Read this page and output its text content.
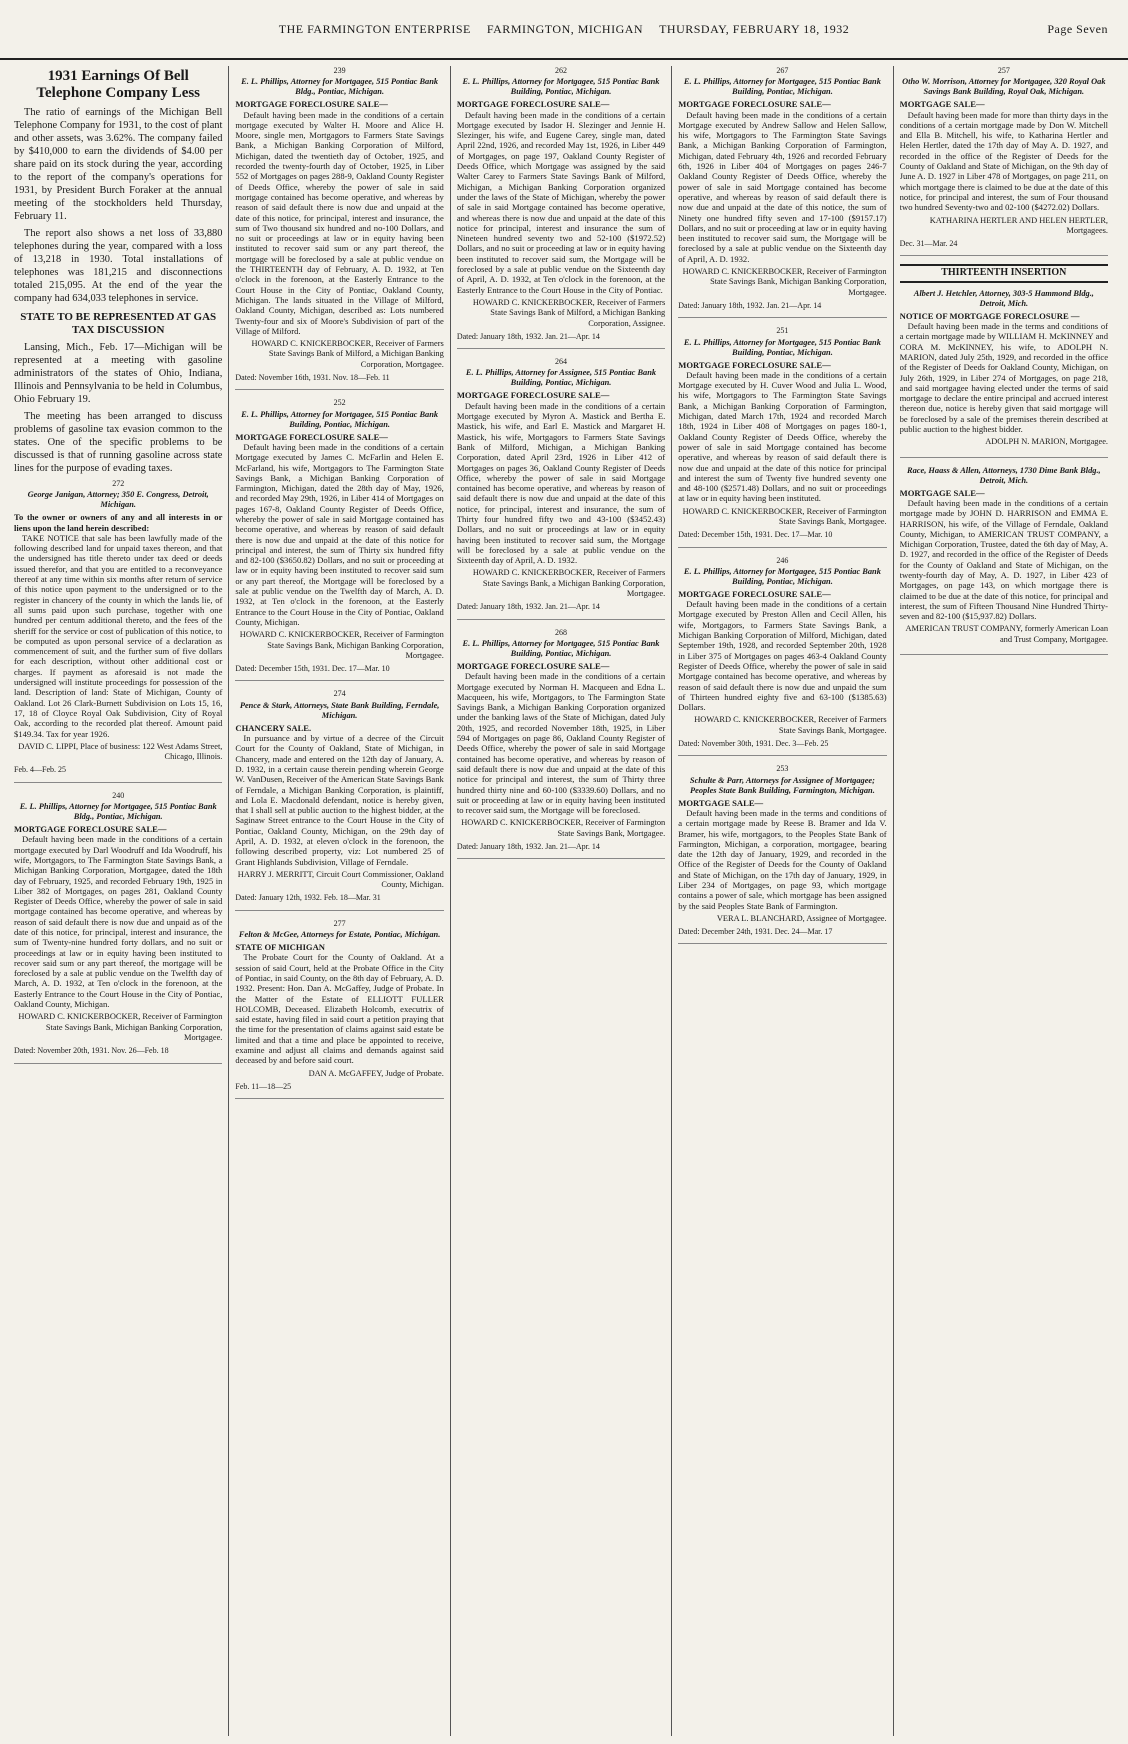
THE FARMINGTON ENTERPRISE FARMINGTON, MICHIGAN THURSDAY, FEBRUARY 18, 1932	Page Seven
1931 Earnings Of Bell Telephone Company Less

The ratio of earnings of the Michigan Bell Telephone Company for 1931, to the cost of plant and other assets, was 3.62%. The company failed by $410,000 to earn the dividends of $4.00 per share paid on its stock during the year, according to the report of the company's operations for 1931, by President Burch Foraker at the annual meeting of the stockholders held Thursday, February 11.

The report also shows a net loss of 33,880 telephones during the year, compared with a loss of 13,218 in 1930. Total installations of telephones was 181,215 and disconnections totaled 215,095. At the end of the year the company had 634,033 telephones in service.

STATE TO BE REPRESENTED AT GAS TAX DISCUSSION

Lansing, Mich., Feb. 17—Michigan will be represented at a meeting with gasoline administrators of the states of Ohio, Indiana, Illinois and Pennsylvania to be held in Columbus, Ohio February 19.

The meeting has been arranged to discuss problems of gasoline tax evasion common to the states. One of the specific problems to be discussed is that of running gasoline across state lines for the purpose of evading taxes.

272
George Janigan, Attorney; 350 E. Congress, Detroit, Michigan.
To the owner or owners of any and all interests in or liens upon the land herein described:
TAKE NOTICE that sale has been lawfully made of the following described land for unpaid taxes thereon, and that the undersigned has title thereto under tax deed or deeds issued therefor, and that you are entitled to a reconveyance thereof at any time within six months after return of service of this notice upon payment to the undersigned or to the register in chancery of the county in which the lands lie, of all sums paid upon such purchase, together with one hundred per centum additional thereto, and the fees of the sheriff for the service or cost of publication of this notice, to be computed as upon personal service of a declaration as commencement of suit, and the further sum of five dollars for each description, without other additional cost or charges. If payment as aforesaid is not made the undersigned will institute proceedings for possession of the land. Description of land: State of Michigan, County of Oakland. Lot 26 Clark-Burnett Subdivision on Lots 15, 16, 17, 18 of Cloyce Royal Oak Subdivision, City of Royal Oak, according to the recorded plat thereof. Amount paid $149.34. Tax for year 1926.
DAVID C. LIPPI, Place of business: 122 West Adams Street, Chicago, Illinois.
Feb. 4—Feb. 25
240
E. L. Phillips, Attorney for Mortgagee, 515 Pontiac Bank Bldg., Pontiac, Michigan.
MORTGAGE FORECLOSURE SALE—
Default having been made in the conditions of a certain mortgage executed by Darl Woodruff and Ida Woodruff, his wife, Mortgagors, to The Farmington State Savings Bank, a Michigan Banking Corporation, Mortgagee, dated the 18th day of February, 1925, and recorded February 19th, 1925 in Liber 382 of Mortgages, on pages 281, Oakland County Register of Deeds Office, whereby the power of sale in said mortgage contained has become operative, and whereas by reason of said default there is now due and unpaid as of the date of this notice, for principal, interest and insurance, the sum of Twenty-nine hundred forty dollars, and no suit or proceedings at law or in equity having been instituted to recover said sum or any part thereof, the mortgage will be foreclosed by a sale at public vendue on the Twelfth day of March, A. D. 1932, at Ten o'clock in the forenoon, at the Easterly Entrance to the Court House in the City of Pontiac, Oakland County, Michigan.
HOWARD C. KNICKERBOCKER, Receiver of Farmington State Savings Bank, Michigan Banking Corporation, Mortgagee.
Dated: November 20th, 1931. Nov. 26—Feb. 18
239
E. L. Phillips, Attorney for Mortgagee, 515 Pontiac Bank Bldg., Pontiac, Michigan.
MORTGAGE FORECLOSURE SALE—
Default having been made in the conditions of a certain mortgage executed by Walter H. Moore and Alice H. Moore, single men, Mortgagors to Farmers State Savings Bank, a Michigan Banking Corporation of Milford, Michigan, dated the twentieth day of October, 1925, and recorded the twenty-fourth day of October, 1925, in Liber 552 of Mortgages on pages 288-9, Oakland County Register of Deeds Office, whereby the power of sale in said mortgage contained has become operative, and whereas by reason of said default there is now due and unpaid at the date of this notice, for principal, interest and insurance, the sum of Two thousand six hundred and no-100 Dollars, and no suit or proceedings at law or in equity having been instituted to recover said sum or any part thereof, the mortgage will be foreclosed by a sale at public vendue on the THIRTEENTH day of February, A. D. 1932, at Ten o'clock in the forenoon, at the Easterly Entrance to the Court House in the City of Pontiac, Oakland County, Michigan. The lands situated in the Village of Milford, Oakland County, Michigan, described as: Lots numbered Twenty-four and six of Moore's Subdivision of part of the Village of Milford.
HOWARD C. KNICKERBOCKER, Receiver of Farmers State Savings Bank of Milford, a Michigan Banking Corporation, Mortgagee.
Dated: November 16th, 1931. Nov. 18—Feb. 11
252
E. L. Phillips, Attorney for Mortgagee, 515 Pontiac Bank Building, Pontiac, Michigan.
MORTGAGE FORECLOSURE SALE—
Default having been made in the conditions of a certain Mortgage executed by James C. McFarlin and Helen E. McFarland, his wife, Mortgagors to The Farmington State Savings Bank, a Michigan Banking Corporation of Farmington, Michigan, dated the 28th day of May, 1926, and recorded May 29th, 1926, in Liber 414 of Mortgages on pages 167-8, Oakland County Register of Deeds Office, whereby the power of sale in said Mortgage contained has become operative, and whereas by reason of said default there is now due and unpaid at the date of this notice for principal and interest, the sum of Thirty six hundred fifty and 82-100 ($3650.82) Dollars, and no suit or proceeding at law or in equity having been instituted to recover said sum or any part thereof, the Mortgage will be foreclosed by a sale at public vendue on the Twelfth day of March, A. D. 1932, at Ten o'clock in the forenoon, at the Easterly Entrance to the Court House in the City of Pontiac, Oakland County, Michigan.
HOWARD C. KNICKERBOCKER, Receiver of Farmington State Savings Bank, Michigan Banking Corporation, Mortgagee.
Dated: December 15th, 1931. Dec. 17—Mar. 10
274
Pence & Stark, Attorneys, State Bank Building, Ferndale, Michigan.
CHANCERY SALE.
In pursuance and by virtue of a decree of the Circuit Court for the County of Oakland, State of Michigan, in Chancery, made and entered on the 12th day of January, A. D. 1932, in a certain cause therein pending wherein George W. VanDusen, Receiver of the American State Savings Bank of Ferndale, a Michigan Banking Corporation, is plaintiff, and Lola E. Macdonald defendant, notice is hereby given, that I shall sell at public auction to the highest bidder, at the Saginaw Street entrance to the Court House in the City of Pontiac, Oakland County, Michigan, on the 29th day of April, A. D. 1932, at eleven o'clock in the forenoon, the following described property, viz: Lot numbered 25 of Grant Highlands Subdivision, Village of Ferndale.
HARRY J. MERRITT, Circuit Court Commissioner, Oakland County, Michigan.
Dated: January 12th, 1932. Feb. 18—Mar. 31
277
Felton & McGee, Attorneys for Estate, Pontiac, Michigan.
STATE OF MICHIGAN
The Probate Court for the County of Oakland. At a session of said Court, held at the Probate Office in the City of Pontiac, in said County, on the 8th day of February, A. D. 1932. Present: Hon. Dan A. McGaffey, Judge of Probate. In the Matter of the Estate of ELLIOTT FULLER HOLCOMB, Deceased. Elizabeth Holcomb, executrix of said estate, having filed in said court a petition praying that the time for the presentation of claims against said estate be limited and that a time and place be appointed to receive, examine and adjust all claims and demands against said deceased by and before said court.
DAN A. McGAFFEY, Judge of Probate.
Feb. 11—18—25
262
E. L. Phillips, Attorney for Mortgagee, 515 Pontiac Bank Building, Pontiac, Michigan.
MORTGAGE FORECLOSURE SALE—
Default having been made in the conditions of a certain Mortgage executed by Isador H. Slezinger and Jennie H. Slezinger, his wife, and Eugene Carey, single man, dated April 22nd, 1926, and recorded May 1st, 1926, in Liber 449 of Mortgages, on page 197, Oakland County Register of Deeds Office, which Mortgage was assigned by the said Walter Carey to Farmers State Savings Bank of Milford, Michigan, a Michigan Banking Corporation organized under the laws of the State of Michigan, whereby the power of sale in said Mortgage contained has become operative, and whereas there is now due and unpaid at the date of this notice for principal, interest and insurance the sum of Nineteen hundred seventy two and 52-100 ($1972.52) Dollars, and no suit or proceeding at law or in equity having been instituted to recover said sum, the Mortgage will be foreclosed by a sale at public vendue on the Sixteenth day of April, A. D. 1932, at Ten o'clock in the forenoon, at the Easterly Entrance to the Court House in the City of Pontiac.
HOWARD C. KNICKERBOCKER, Receiver of Farmers State Savings Bank of Milford, a Michigan Banking Corporation, Assignee.
Dated: January 18th, 1932. Jan. 21—Apr. 14
264
E. L. Phillips, Attorney for Assignee, 515 Pontiac Bank Building, Pontiac, Michigan.
MORTGAGE FORECLOSURE SALE—
Default having been made in the conditions of a certain Mortgage executed by Myron A. Mastick and Bertha E. Mastick, his wife, and Earl E. Mastick and Margaret H. Mastick, his wife, Mortgagors to Farmers State Savings Bank of Milford, Michigan, a Michigan Banking Corporation, dated April 23rd, 1926 in Liber 412 of Mortgages on pages 36, Oakland County Register of Deeds Office, whereby the power of sale in said Mortgage contained has become operative, and whereas by reason of said default there is now due and unpaid at the date of this notice, for principal, interest and insurance, the sum of Thirty four hundred fifty two and 43-100 ($3452.43) Dollars, and no suit or proceedings at law or in equity having been instituted to recover said sum, the Mortgage will be foreclosed by a sale at public vendue on the Sixteenth day of April, A. D. 1932.
HOWARD C. KNICKERBOCKER, Receiver of Farmers State Savings Bank, a Michigan Banking Corporation, Mortgagee.
Dated: January 18th, 1932. Jan. 21—Apr. 14
268
E. L. Phillips, Attorney for Mortgagee, 515 Pontiac Bank Building, Pontiac, Michigan.
MORTGAGE FORECLOSURE SALE—
Default having been made in the conditions of a certain Mortgage executed by Norman H. Macqueen and Edna L. Macqueen, his wife, Mortgagors, to The Farmington State Savings Bank, a Michigan Banking Corporation organized under the banking laws of the State of Michigan, dated July 20th, 1925, and recorded November 18th, 1925, in Liber 594 of Mortgages on page 86, Oakland County Register of Deeds Office, whereby the power of sale in said Mortgage contained has become operative, and whereas by reason of said default there is now due and unpaid at the date of this notice for principal and interest, the sum of Thirty three hundred thirty nine and 60-100 ($3339.60) Dollars, and no suit or proceeding at law or in equity having been instituted to recover said sum, the Mortgage will be foreclosed.
HOWARD C. KNICKERBOCKER, Receiver of Farmington State Savings Bank, Mortgagee.
Dated: January 18th, 1932. Jan. 21—Apr. 14
267
E. L. Phillips, Attorney for Mortgagee, 515 Pontiac Bank Building, Pontiac, Michigan.
MORTGAGE FORECLOSURE SALE—
Default having been made in the conditions of a certain Mortgage executed by Andrew Sallow and Helen Sallow, his wife, Mortgagors to The Farmington State Savings Bank, a Michigan Banking Corporation of Farmington, Michigan, dated February 4th, 1926 and recorded February 6th, 1926 in Liber 404 of Mortgages on pages 246-7 Oakland County Register of Deeds Office, whereby the power of sale in said Mortgage contained has become operative, and whereas by reason of said default there is now due and unpaid at the date of this notice, the sum of Ninety one hundred fifty seven and 17-100 ($9157.17) Dollars, and no suit or proceeding at law or in equity having been instituted to recover said sum, the Mortgage will be foreclosed by a sale at public vendue on the Sixteenth day of April, A. D. 1932.
HOWARD C. KNICKERBOCKER, Receiver of Farmington State Savings Bank, Michigan Banking Corporation, Mortgagee.
Dated: January 18th, 1932. Jan. 21—Apr. 14
251
E. L. Phillips, Attorney for Mortgagee, 515 Pontiac Bank Building, Pontiac, Michigan.
MORTGAGE FORECLOSURE SALE—
Default having been made in the conditions of a certain Mortgage executed by H. Cuver Wood and Julia L. Wood, his wife, Mortgagors to The Farmington State Savings Bank, a Michigan Banking Corporation of Farmington, Michigan, dated March 17th, 1924 and recorded March 18th, 1924 in Liber 408 of Mortgages on pages 180-1, Oakland County Register of Deeds Office, whereby the power of sale in said Mortgage contained has become operative, and whereas by reason of said default there is now due and unpaid at the date of this notice for principal and interest the sum of Twenty five hundred seventy one and 48-100 ($2571.48) Dollars, and no suit or proceedings at law or in equity having been instituted.
HOWARD C. KNICKERBOCKER, Receiver of Farmington State Savings Bank, Mortgagee.
Dated: December 15th, 1931. Dec. 17—Mar. 10
246
E. L. Phillips, Attorney for Mortgagee, 515 Pontiac Bank Building, Pontiac, Michigan.
MORTGAGE FORECLOSURE SALE—
Default having been made in the conditions of a certain Mortgage executed by Preston Allen and Cecil Allen, his wife, Mortgagors, to Farmers State Savings Bank, a Michigan Banking Corporation of Milford, Michigan, dated September 19th, 1928, and recorded September 20th, 1928 in Liber 375 of Mortgages on pages 463-4 Oakland County Register of Deeds Office, whereby the power of sale in said Mortgage contained has become operative, and whereas by reason of said default there is now due and unpaid the sum of Thirteen hundred eighty five and 63-100 ($1385.63) Dollars.
HOWARD C. KNICKERBOCKER, Receiver of Farmers State Savings Bank, Mortgagee.
Dated: November 30th, 1931. Dec. 3—Feb. 25
253
Schulte & Parr, Attorneys for Assignee of Mortgagee; Peoples State Bank Building, Farmington, Michigan.
MORTGAGE SALE—
Default having been made in the terms and conditions of a certain mortgage made by Reese B. Bramer and Ida V. Bramer, his wife, mortgagors, to the Peoples State Bank of Farmington, Michigan, a corporation, mortgagee, bearing date the 12th day of January, 1929, and recorded in the Office of the Register of Deeds for the County of Oakland and State of Michigan, on the 17th day of January, 1929, in Liber 234 of Mortgages, on page 93, which mortgage contains a power of sale, which mortgage has been assigned by the said Peoples State Bank of Farmington.
VERA L. BLANCHARD, Assignee of Mortgagee.
Dated: December 24th, 1931. Dec. 24—Mar. 17
257
Otho W. Morrison, Attorney for Mortgagee, 320 Royal Oak Savings Bank Building, Royal Oak, Michigan.
MORTGAGE SALE—
Default having been made for more than thirty days in the conditions of a certain mortgage made by Don W. Mitchell and Ella B. Mitchell, his wife, to Katharina Hertler and Helen Hertler, dated the 17th day of May A. D. 1927, and recorded in the office of the Register of Deeds for the County of Oakland and State of Michigan, on the 9th day of June A. D. 1927 in Liber 478 of Mortgages, on page 211, on which mortgage there is claimed to be due at the date of this notice, for principal and interest, the sum of Four thousand two hundred Seventy-two and 02-100 ($4272.02) Dollars.
KATHARINA HERTLER AND HELEN HERTLER, Mortgagees.
Dec. 31—Mar. 24
THIRTEENTH INSERTION
Albert J. Hetchler, Attorney, 303-5 Hammond Bldg., Detroit, Mich.
NOTICE OF MORTGAGE FORECLOSURE —
Default having been made in the terms and conditions of a certain mortgage made by WILLIAM H. McKINNEY and CORA M. McKINNEY, his wife, to ADOLPH N. MARION, dated July 25th, 1929, and recorded in the office of the Register of Deeds for Oakland County, Michigan, on July 26th, 1929, in Liber 274 of Mortgages, on page 218, and said mortgagee having elected under the terms of said mortgage to declare the entire principal and accrued interest thereon due, notice is hereby given that said mortgage will be foreclosed by a sale of the premises therein described at public auction to the highest bidder.
ADOLPH N. MARION, Mortgagee.
Race, Haass & Allen, Attorneys, 1730 Dime Bank Bldg., Detroit, Mich.
MORTGAGE SALE—
Default having been made in the conditions of a certain mortgage made by JOHN D. HARRISON and EMMA E. HARRISON, his wife, of the Village of Ferndale, Oakland County, Michigan, to AMERICAN TRUST COMPANY, a Michigan Corporation, Trustee, dated the 6th day of May, A. D. 1927, and recorded in the office of the Register of Deeds for the County of Oakland and State of Michigan, on the twenty-fourth day of May, A. D. 1927, in Liber 423 of Mortgages, on page 143, on which mortgage there is claimed to be due at the date of this notice, for principal and interest, the sum of Fifteen Thousand Nine Hundred Thirty-seven and 82-100 ($15,937.82) Dollars.
AMERICAN TRUST COMPANY, formerly American Loan and Trust Company, Mortgagee.
